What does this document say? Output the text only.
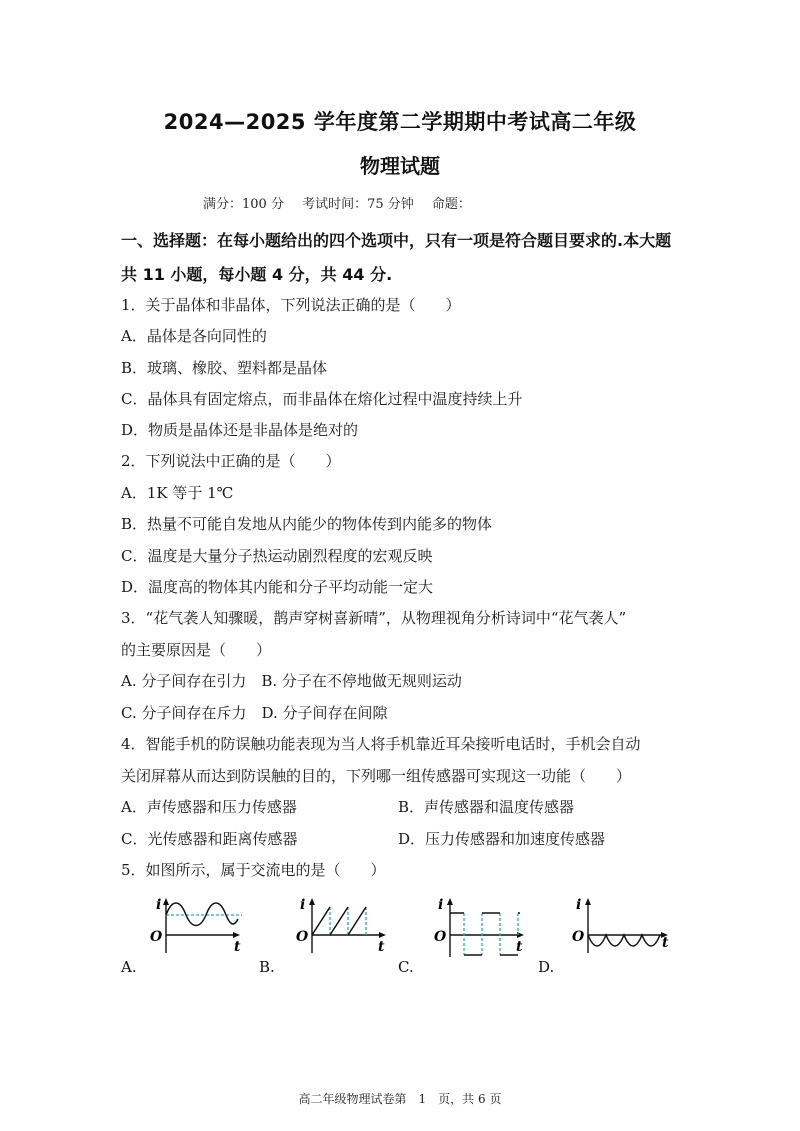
2024—2025 学年度第二学期期中考试高二年级
物理试题
满分：100 分 考试时间：75 分钟 命题：
一、选择题：在每小题给出的四个选项中，只有一项是符合题目要求的.本大题
共 11 小题，每小题 4 分，共 44 分.
1．关于晶体和非晶体，下列说法正确的是（　　）
A．晶体是各向同性的
B．玻璃、橡胶、塑料都是晶体
C．晶体具有固定熔点，而非晶体在熔化过程中温度持续上升
D．物质是晶体还是非晶体是绝对的
2．下列说法中正确的是（　　）
A．1K 等于 1℃
B．热量不可能自发地从内能少的物体传到内能多的物体
C．温度是大量分子热运动剧烈程度的宏观反映
D．温度高的物体其内能和分子平均动能一定大
3．“花气袭人知骤暖，鹊声穿树喜新晴”，从物理视角分析诗词中“花气袭人”
的主要原因是（　　）
A. 分子间存在引力　B. 分子在不停地做无规则运动
C. 分子间存在斥力　D. 分子间存在间隙
4．智能手机的防误触功能表现为当人将手机靠近耳朵接听电话时，手机会自动
关闭屏幕从而达到防误触的目的，下列哪一组传感器可实现这一功能（　　）
A．声传感器和压力传感器	B．声传感器和温度传感器
C．光传感器和距离传感器	D．压力传感器和加速度传感器
5．如图所示，属于交流电的是（　　）
i
O
t
i
O
t
i
O
t
i
O	t
A.	B.	C.	D.
高二年级物理试卷第　1　页，共 6 页
